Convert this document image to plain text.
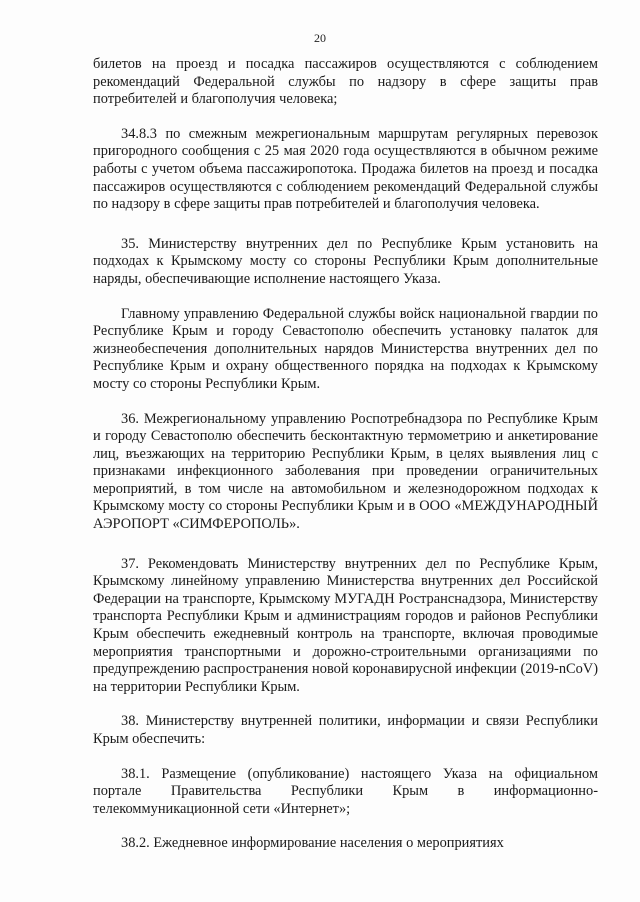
20

билетов на проезд и посадка пассажиров осуществляются с соблюдением рекомендаций Федеральной службы по надзору в сфере защиты прав потребителей и благополучия человека;

34.8.3 по смежным межрегиональным маршрутам регулярных перевозок пригородного сообщения с 25 мая 2020 года осуществляются в обычном режиме работы с учетом объема пассажиропотока. Продажа билетов на проезд и посадка пассажиров осуществляются с соблюдением рекомендаций Федеральной службы по надзору в сфере защиты прав потребителей и благополучия человека.

35. Министерству внутренних дел по Республике Крым установить на подходах к Крымскому мосту со стороны Республики Крым дополнительные наряды, обеспечивающие исполнение настоящего Указа.

Главному управлению Федеральной службы войск национальной гвардии по Республике Крым и городу Севастополю обеспечить установку палаток для жизнеобеспечения дополнительных нарядов Министерства внутренних дел по Республике Крым и охрану общественного порядка на подходах к Крымскому мосту со стороны Республики Крым.

36. Межрегиональному управлению Роспотребнадзора по Республике Крым и городу Севастополю обеспечить бесконтактную термометрию и анкетирование лиц, въезжающих на территорию Республики Крым, в целях выявления лиц с признаками инфекционного заболевания при проведении ограничительных мероприятий, в том числе на автомобильном и железнодорожном подходах к Крымскому мосту со стороны Республики Крым и в ООО «МЕЖДУНАРОДНЫЙ АЭРОПОРТ «СИМФЕРОПОЛЬ».

37. Рекомендовать Министерству внутренних дел по Республике Крым, Крымскому линейному управлению Министерства внутренних дел Российской Федерации на транспорте, Крымскому МУГАДН Ространснадзора, Министерству транспорта Республики Крым и администрациям городов и районов Республики Крым обеспечить ежедневный контроль на транспорте, включая проводимые мероприятия транспортными и дорожно-строительными организациями по предупреждению распространения новой коронавирусной инфекции (2019-nCoV) на территории Республики Крым.

38. Министерству внутренней политики, информации и связи Республики Крым обеспечить:

38.1. Размещение (опубликование) настоящего Указа на официальном портале Правительства Республики Крым в информационно-телекоммуникационной сети «Интернет»;

38.2. Ежедневное информирование населения о мероприятиях
